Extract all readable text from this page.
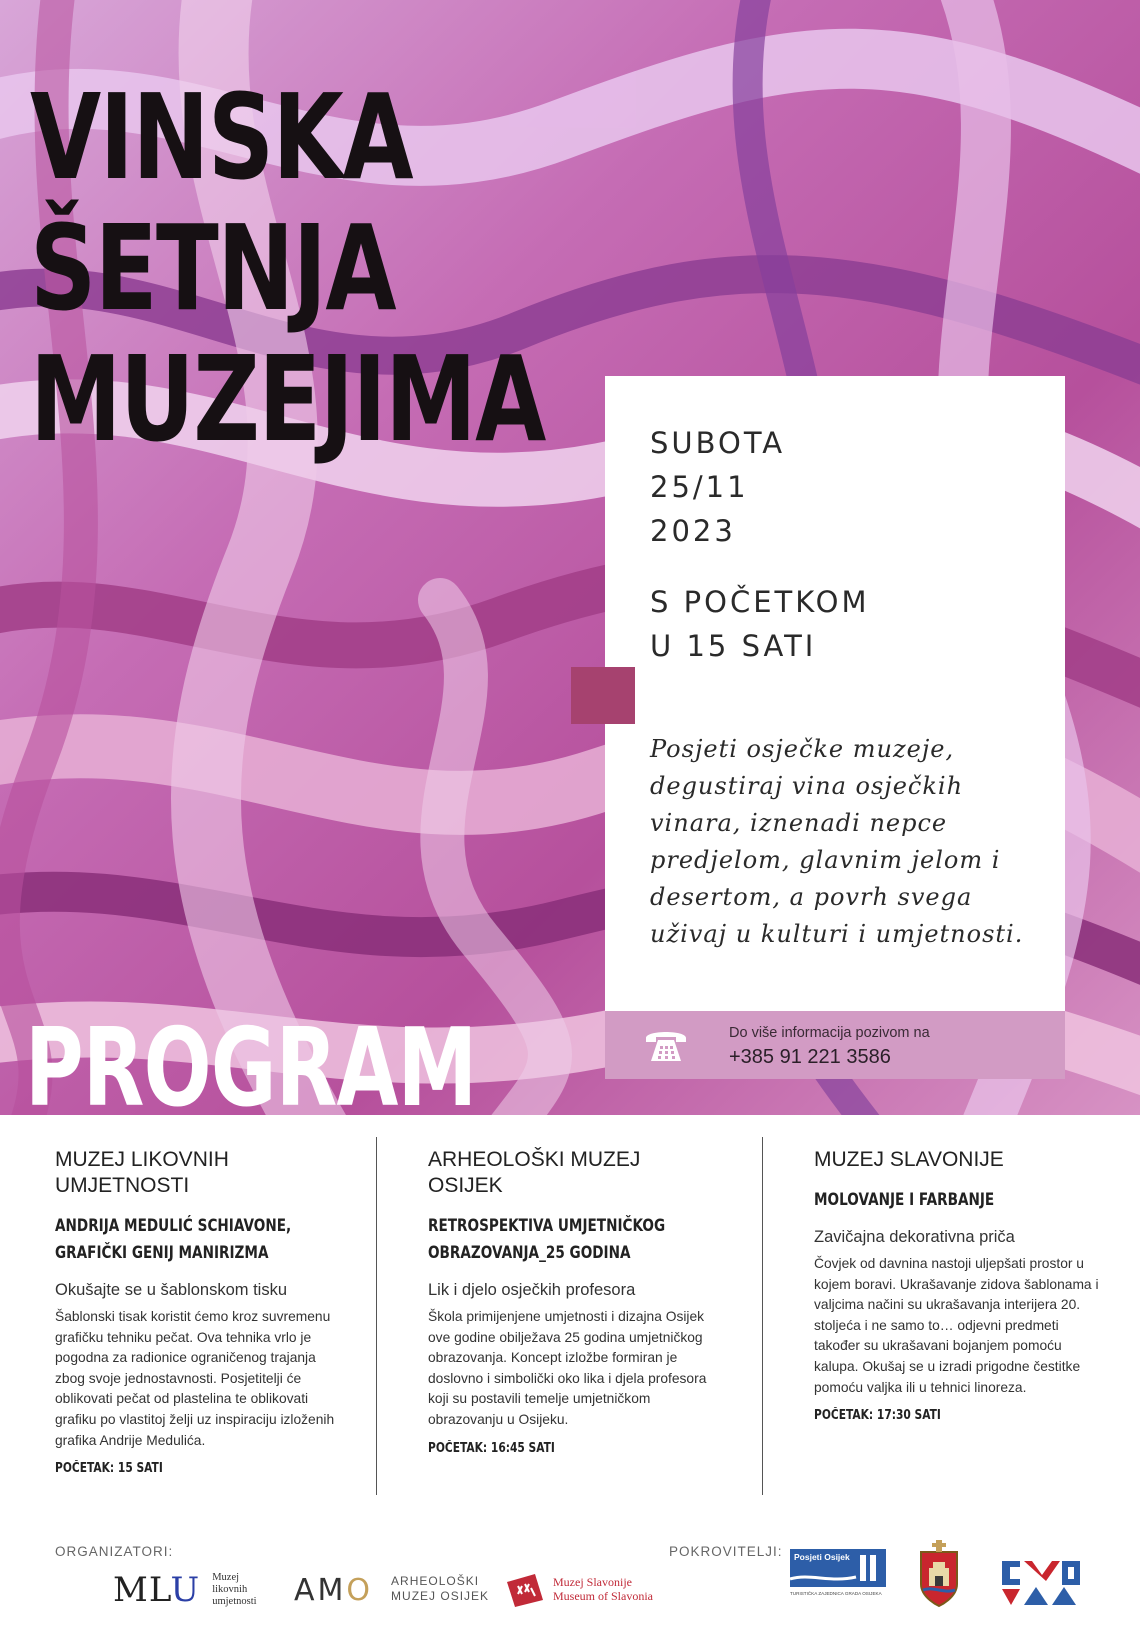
VINSKA
ŠETNJA
MUZEJIMA	SUBOTA
25/11
2023
S POČETKOM
U 15 SATI

Posjeti osječke muzeje, degustiraj vina osječkih vinara, iznenadi nepce predjelom, glavnim jelom i desertom, a povrh svega uživaj u kulturi i umjetnosti.

Do više informacija pozivom na
+385 91 221 3586
PROGRAM

MUZEJ LIKOVNIH UMJETNOSTI

ANDRIJA MEDULIĆ SCHIAVONE, GRAFIČKI GENIJ MANIRIZMA

Okušajte se u šablonskom tisku

Šablonski tisak koristit ćemo kroz suvremenu grafičku tehniku pečat. Ova tehnika vrlo je pogodna za radionice ograničenog trajanja zbog svoje jednostavnosti. Posjetitelji će oblikovati pečat od plastelina te oblikovati grafiku po vlastitoj želji uz inspiraciju izloženih grafika Andrije Medulića.

POČETAK: 15 SATI

ARHEOLOŠKI MUZEJ OSIJEK

RETROSPEKTIVA UMJETNIČKOG OBRAZOVANJA_25 GODINA

Lik i djelo osječkih profesora

Škola primijenjene umjetnosti i dizajna Osijek ove godine obilježava 25 godina umjetničkog obrazovanja. Koncept izložbe formiran je doslovno i simbolički oko lika i djela profesora koji su postavili temelje umjetničkom obrazovanju u Osijeku.

POČETAK: 16:45 SATI

MUZEJ SLAVONIJE

MOLOVANJE I FARBANJE

Zavičajna dekorativna priča

Čovjek od davnina nastoji uljepšati prostor u kojem boravi. Ukrašavanje zidova šablonama i valjcima načini su ukrašavanja interijera 20. stoljeća i ne samo to… odjevni predmeti također su ukrašavani bojanjem pomoću kalupa. Okušaj se u izradi prigodne čestitke pomoću valjka ili u tehnici linoreza.

POČETAK: 17:30 SATI

ORGANIZATORI:	POKROVITELJI:
MLU Muzej
likovnih
umjetnosti AMO ARHEOLOŠKI
MUZEJ OSIJEK
Muzej Slavonije
Museum of Slavonia
Posjeti Osijek
TURISTIČKA ZAJEDNICA GRADA OSIJEKA
